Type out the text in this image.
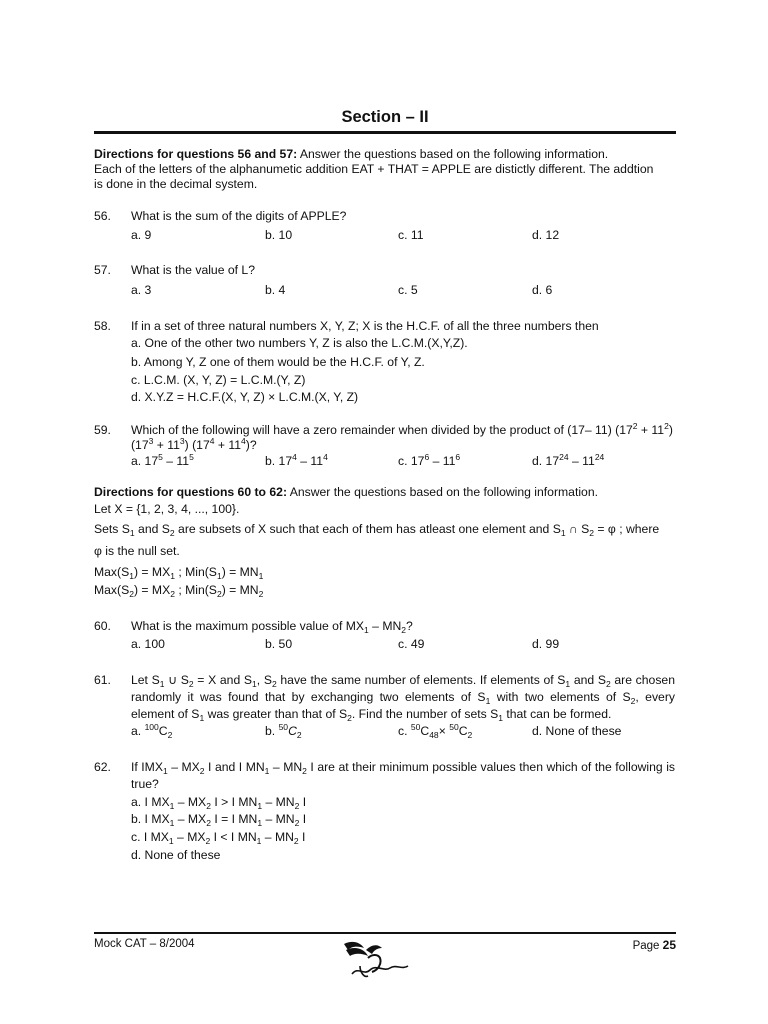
Section – II
Directions for questions 56 and 57: Answer the questions based on the following information.
Each of the letters of the alphanumetic addition EAT + THAT = APPLE are distictly different. The addtion
is done in the decimal system.
56. What is the sum of the digits of APPLE?
a. 9	b. 10	c. 11	d. 12
57. What is the value of L?
a. 3	b. 4	c. 5	d. 6
58. If in a set of three natural numbers X, Y, Z; X is the H.C.F. of all the three numbers then
a. One of the other two numbers Y, Z is also the L.C.M.(X,Y,Z).
b. Among Y, Z one of them would be the H.C.F. of Y, Z.
c. L.C.M. (X, Y, Z) = L.C.M.(Y, Z)
d. X.Y.Z = H.C.F.(X, Y, Z) × L.C.M.(X, Y, Z)
59. Which of the following will have a zero remainder when divided by the product of (17– 11) $(17^2 + 11^2)$
$(17^3 + 11^3) (17^4 + 11^4)$?
a. $17^5 - 11^5$	b. $17^4 - 11^4$	c. $17^6 - 11^6$	d. $17^{24} - 11^{24}$
Directions for questions 60 to 62: Answer the questions based on the following information.
Let X = {1, 2, 3, 4, ..., 100}.
Sets $S_1$ and $S_2$ are subsets of X such that each of them has atleast one element and $S_1$ ∩ $S_2 = \varphi$ ; where
φ is the null set.
$Max(S_1) = MX_1$ ; $Min(S_1) = MN_1$
$Max(S_2) = MX_2$ ; $Min(S_2) = MN_2$
60. What is the maximum possible value of $MX_1 - MN_2$?
a. 100	b. 50	c. 49	d. 99
61. Let $S_1$ ∪ $S_2 = X$ and $S_1$, $S_2$ have the same number of elements. If elements of $S_1$ and $S_2$ are chosen
randomly it was found that by exchanging two elements of $S_1$ with two elements of $S_2$, every
element of $S_1$ was greater than that of $S_2$. Find the number of sets $S_1$ that can be formed.
a. $^{100}C_2$	b. $^{50}C_2$	c. $^{50}C_{48}\times ^{50}C_2$	d. None of these
62. If $IMX_1 - MX_2$ I and I $MN_1 - MN_2$ I are at their minimum possible values then which of the following is
true?
a. I $MX_1 - MX_2$ I > I $MN_1 - MN_2$ I
b. I $MX_1 - MX_2$ I = I $MN_1 - MN_2$ I
c. I $MX_1 - MX_2$ I < I $MN_1 - MN_2$ I
d. None of these
Mock CAT – 8/2004	Page 25
